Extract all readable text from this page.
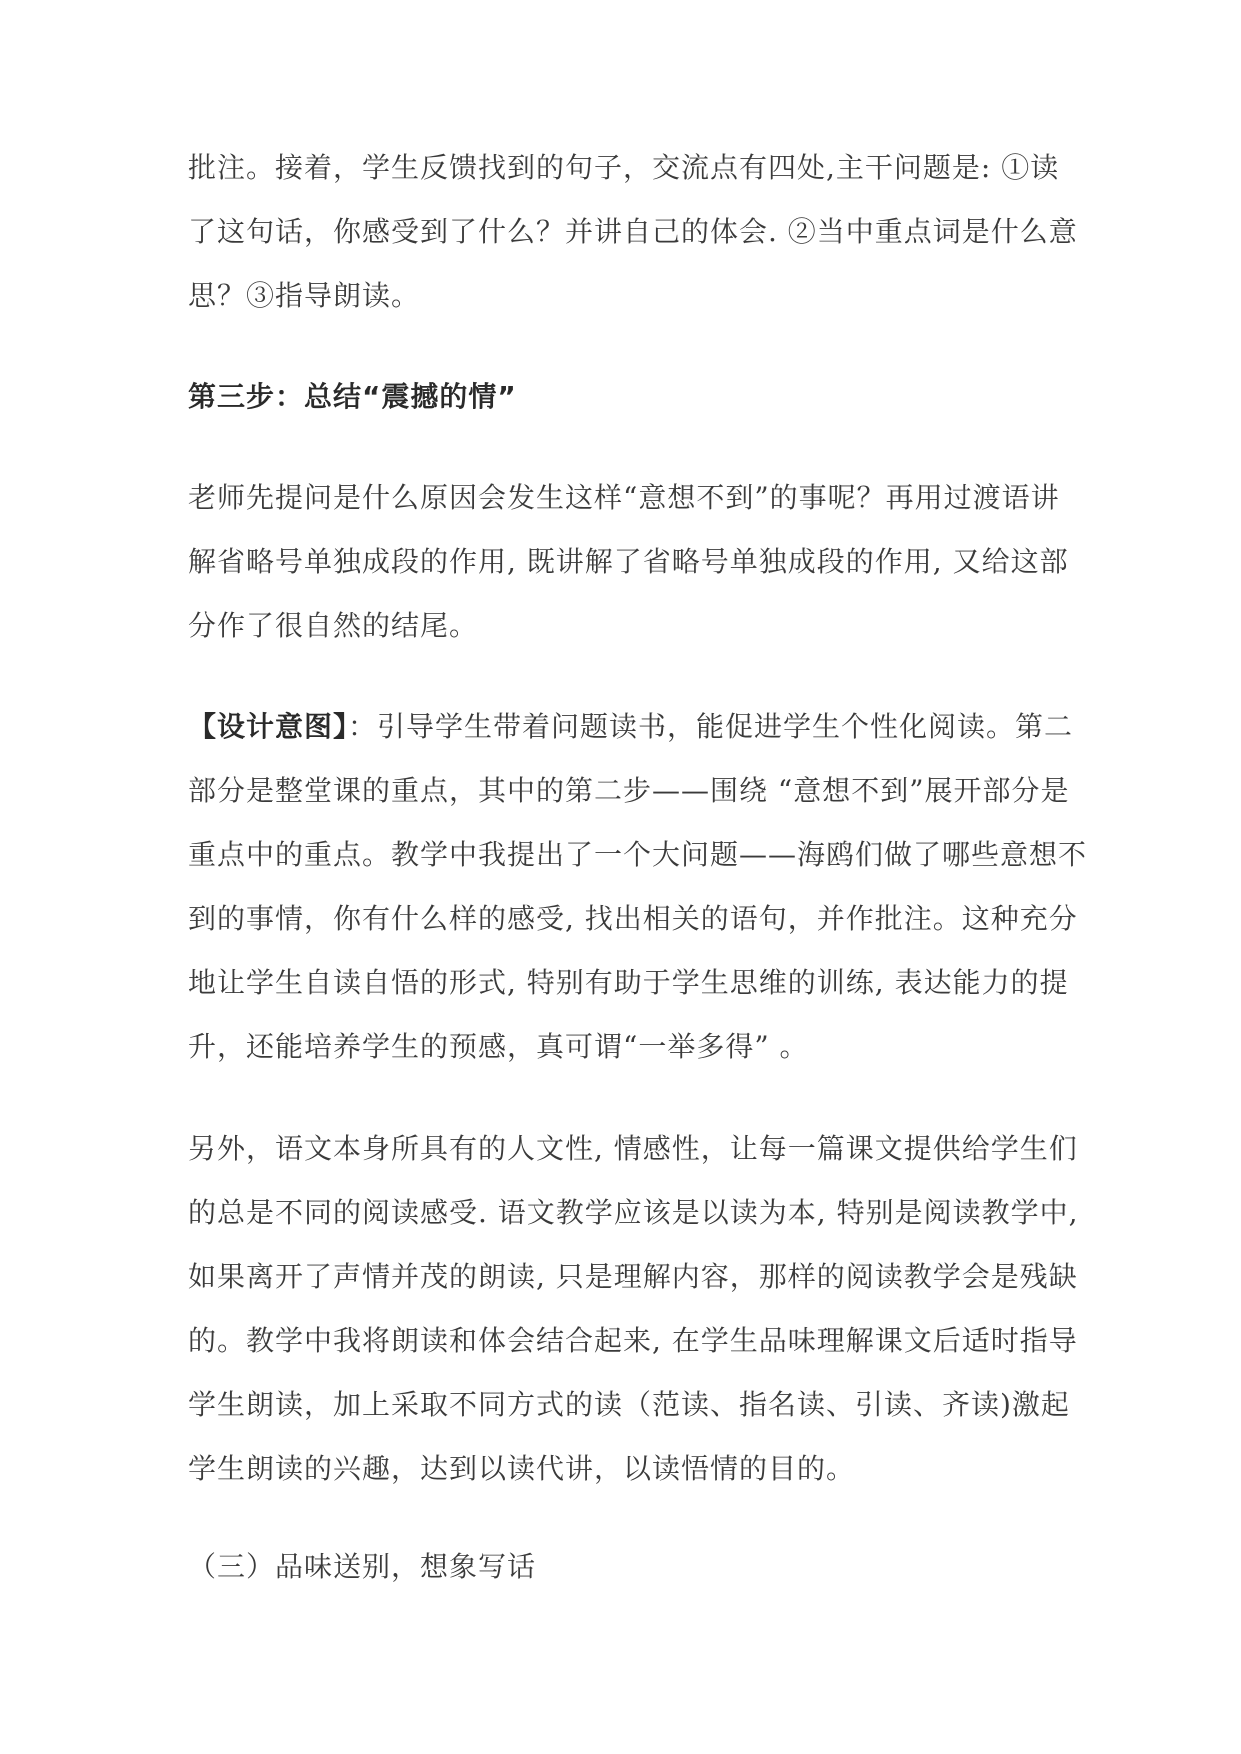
批注。接着，学生反馈找到的句子，交流点有四处,主干问题是: ①读
了这句话，你感受到了什么？并讲自己的体会. ②当中重点词是什么意
思？③指导朗读。
第三步：总结“震撼的情”
老师先提问是什么原因会发生这样“意想不到”的事呢？再用过渡语讲
解省略号单独成段的作用, 既讲解了省略号单独成段的作用, 又给这部
分作了很自然的结尾。
【设计意图】：引导学生带着问题读书，能促进学生个性化阅读。第二
部分是整堂课的重点，其中的第二步——围绕 “意想不到”展开部分是
重点中的重点。教学中我提出了一个大问题——海鸥们做了哪些意想不
到的事情，你有什么样的感受, 找出相关的语句，并作批注。这种充分
地让学生自读自悟的形式, 特别有助于学生思维的训练, 表达能力的提
升，还能培养学生的预感，真可谓“一举多得” 。
另外，语文本身所具有的人文性, 情感性，让每一篇课文提供给学生们
的总是不同的阅读感受. 语文教学应该是以读为本, 特别是阅读教学中,
如果离开了声情并茂的朗读, 只是理解内容，那样的阅读教学会是残缺
的。教学中我将朗读和体会结合起来, 在学生品味理解课文后适时指导
学生朗读，加上采取不同方式的读（范读、指名读、引读、齐读)激起
学生朗读的兴趣，达到以读代讲，以读悟情的目的。
（三）品味送别，想象写话
